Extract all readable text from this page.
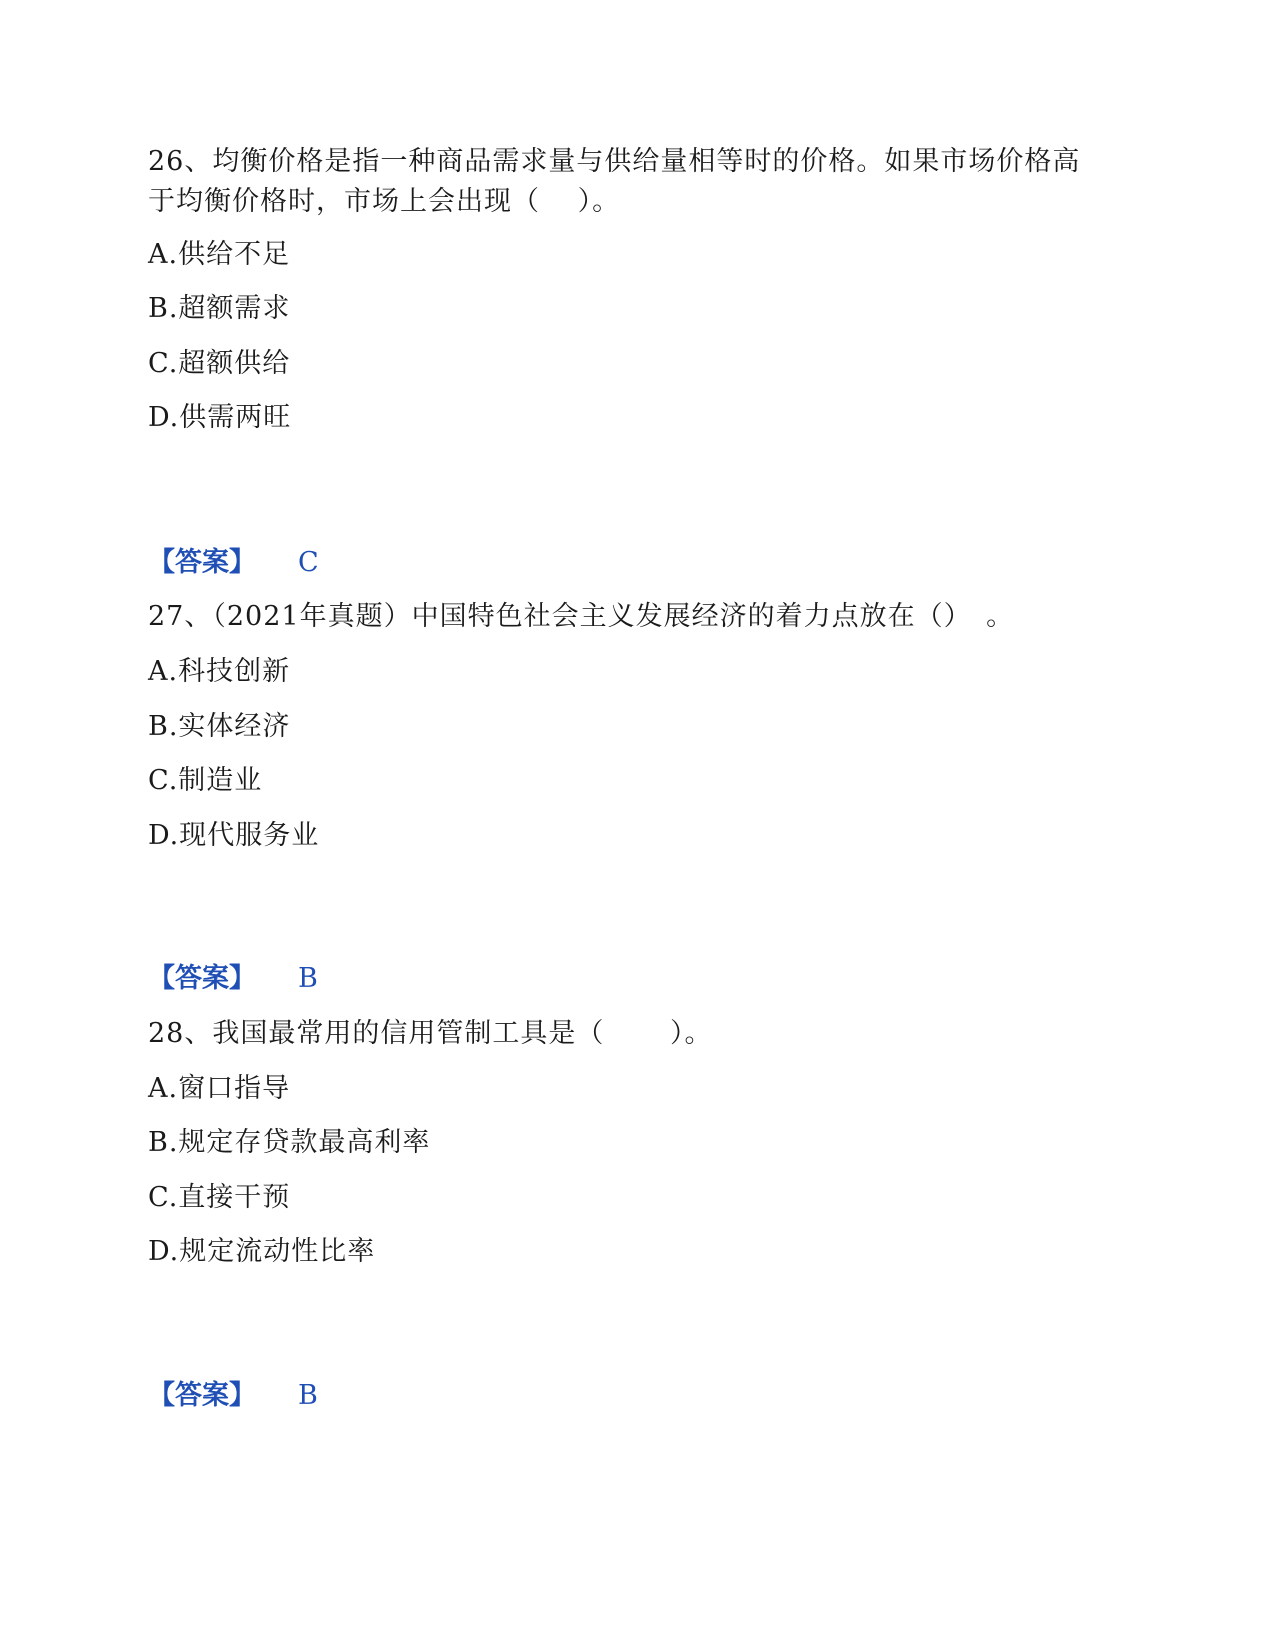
26、均衡价格是指一种商品需求量与供给量相等时的价格。如果市场价格高于均衡价格时，市场上会出现（　 ）。
A.供给不足
B.超额需求
C.超额供给
D.供需两旺
【答案】 C
27、（2021年真题）中国特色社会主义发展经济的着力点放在（）　。
A.科技创新
B.实体经济
C.制造业
D.现代服务业
【答案】 B
28、我国最常用的信用管制工具是（　　 ）。
A.窗口指导
B.规定存贷款最高利率
C.直接干预
D.规定流动性比率
【答案】 B
